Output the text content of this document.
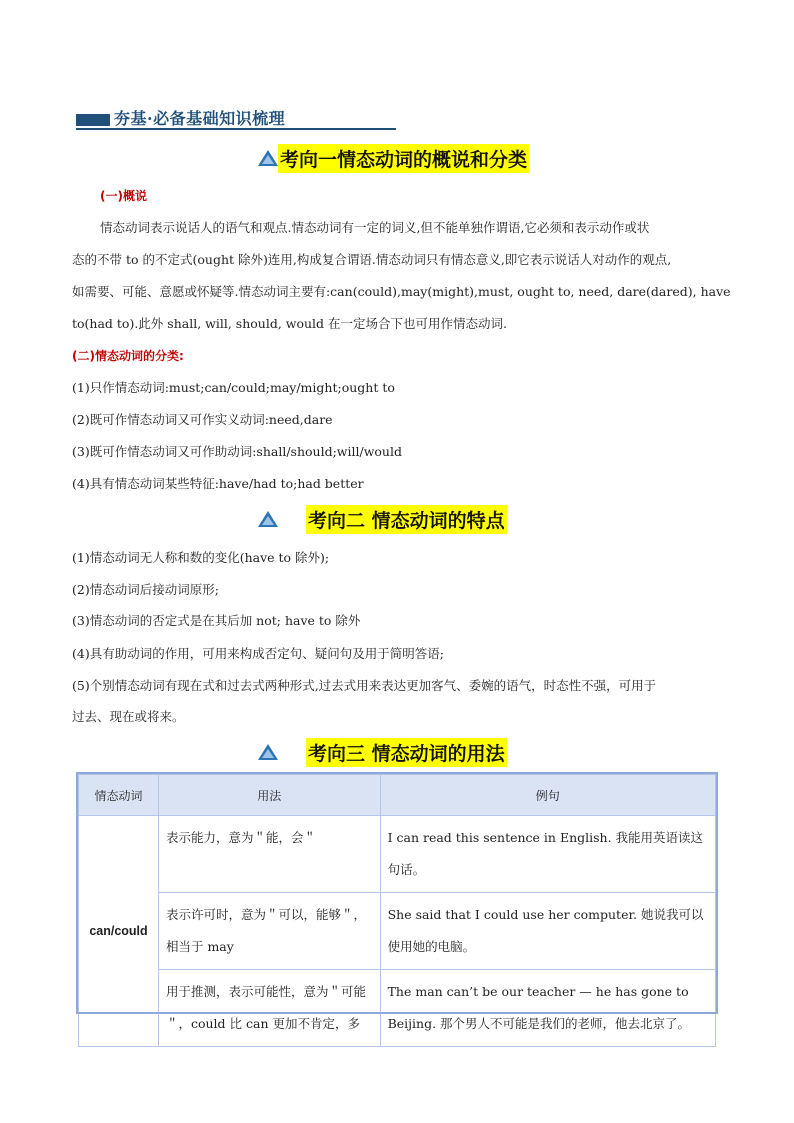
夯基·必备基础知识梳理
考向一情态动词的概说和分类
(一)概说
情态动词表示说话人的语气和观点.情态动词有一定的词义,但不能单独作谓语,它必须和表示动作或状
态的不带 to 的不定式(ought 除外)连用,构成复合谓语.情态动词只有情态意义,即它表示说话人对动作的观点,
如需要、可能、意愿或怀疑等.情态动词主要有:can(could),may(might),must, ought to, need, dare(dared), have
to(had to).此外 shall, will, should, would 在一定场合下也可用作情态动词.
(二)情态动词的分类:
(1)只作情态动词:must;can/could;may/might;ought to
(2)既可作情态动词又可作实义动词:need,dare
(3)既可作情态动词又可作助动词:shall/should;will/would
(4)具有情态动词某些特征:have/had to;had better
考向二 情态动词的特点
(1)情态动词无人称和数的变化(have to 除外);
(2)情态动词后接动词原形;
(3)情态动词的否定式是在其后加 not; have to 除外
(4)具有助动词的作用，可用来构成否定句、疑问句及用于简明答语;
(5)个别情态动词有现在式和过去式两种形式,过去式用来表达更加客气、委婉的语气，时态性不强，可用于
过去、现在或将来。
考向三 情态动词的用法
情态动词	用法	例句
can/could	表示能力，意为＂能，会＂	I can read this sentence in English. 我能用英语读这句话。
	表示许可时，意为＂可以，能够＂，相当于 may	She said that I could use her computer. 她说我可以使用她的电脑。
	用于推测，表示可能性，意为＂可能＂，could 比 can 更加不肯定，多	The man can’t be our teacher — he has gone to Beijing. 那个男人不可能是我们的老师，他去北京了。
